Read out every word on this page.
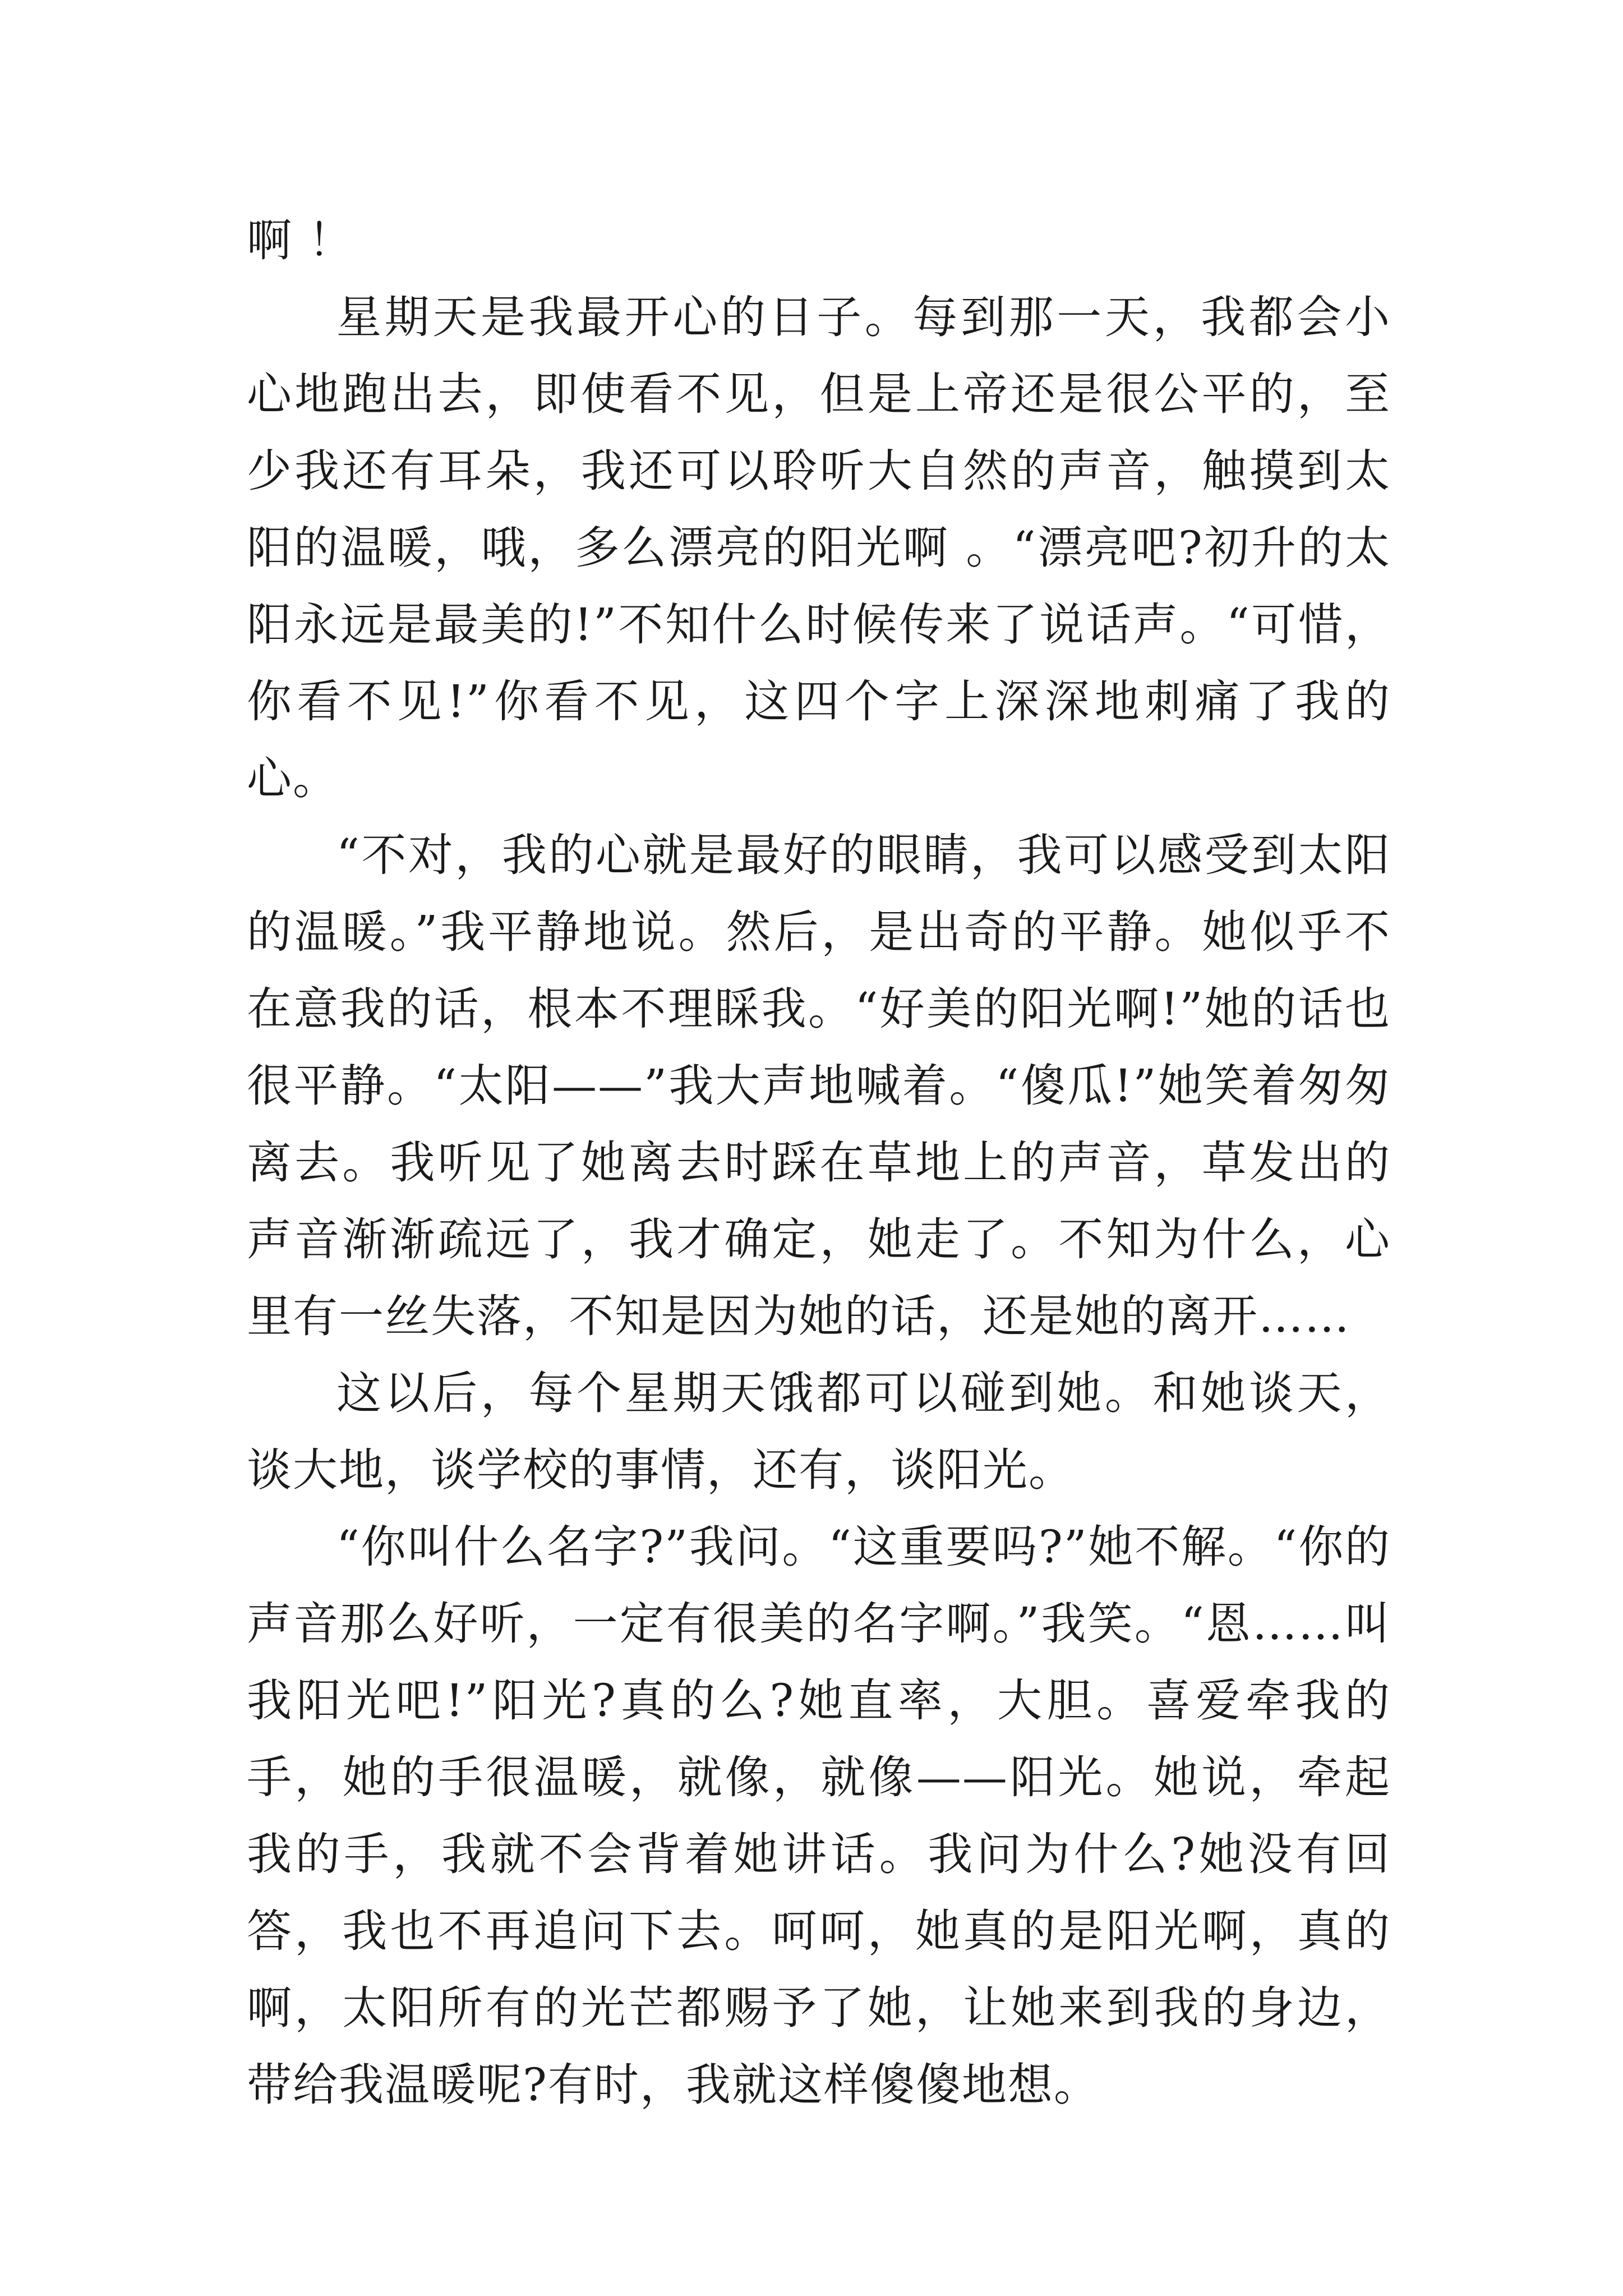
啊 ！

星期天是我最开心的日子。每到那一天，我都会小心地跑出去，即使看不见，但是上帝还是很公平的，至少我还有耳朵，我还可以聆听大自然的声音，触摸到太阳的温暖，哦，多么漂亮的阳光啊 。“漂亮吧?初升的太阳永远是最美的!”不知什么时候传来了说话声。“可惜，你看不见!”你看不见，这四个字上深深地刺痛了我的心。

“不对，我的心就是最好的眼睛，我可以感受到太阳的温暖。”我平静地说。然后，是出奇的平静。她似乎不在意我的话，根本不理睬我。“好美的阳光啊!”她的话也很平静。“太阳——”我大声地喊着。“傻瓜!”她笑着匆匆离去。我听见了她离去时踩在草地上的声音，草发出的声音渐渐疏远了，我才确定，她走了。不知为什么，心里有一丝失落，不知是因为她的话，还是她的离开……

这以后，每个星期天饿都可以碰到她。和她谈天，谈大地，谈学校的事情，还有，谈阳光。

“你叫什么名字?”我问。“这重要吗?”她不解。“你的声音那么好听，一定有很美的名字啊。”我笑。“恩……叫我阳光吧!”阳光?真的么?她直率，大胆。喜爱牵我的手，她的手很温暖，就像，就像——阳光。她说，牵起我的手，我就不会背着她讲话。我问为什么?她没有回答，我也不再追问下去。呵呵，她真的是阳光啊，真的啊，太阳所有的光芒都赐予了她，让她来到我的身边，带给我温暖呢?有时，我就这样傻傻地想。
